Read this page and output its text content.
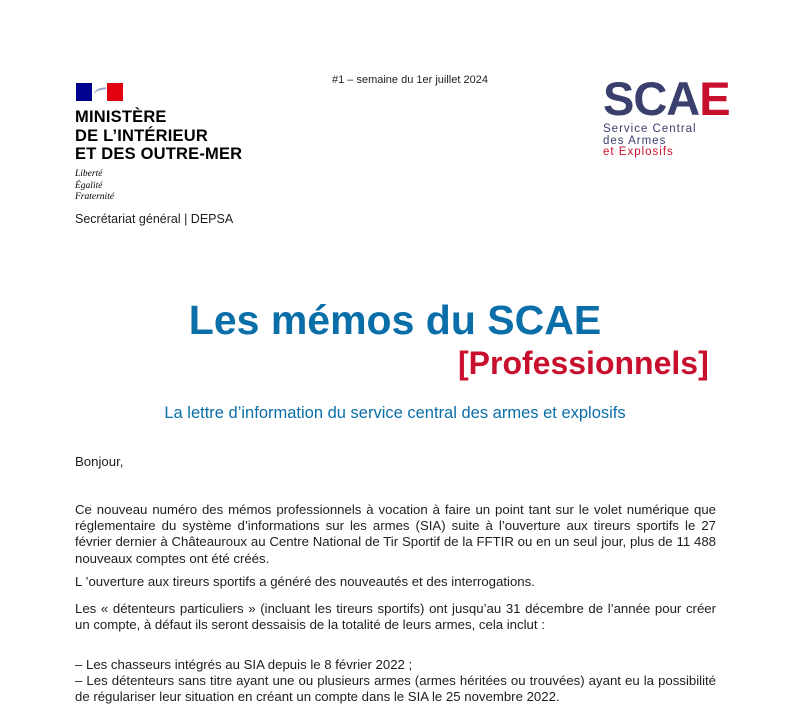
MINISTÈRE
DE L’INTÉRIEUR
ET DES OUTRE-MER
Liberté
Égalité
Fraternité
Secrétariat général | DEPSA
#1 – semaine du 1er juillet 2024 SCAE
Service Central
des Armes
et Explosifs
Les mémos du SCAE
[Professionnels]
La lettre d’information du service central des armes et explosifs
Bonjour,
Ce nouveau numéro des mémos professionnels à vocation à faire un point tant sur le volet numérique que réglementaire du système d’informations sur les armes (SIA) suite à l’ouverture aux tireurs sportifs le 27 février dernier à Châteauroux au Centre National de Tir Sportif de la FFTIR ou en un seul jour, plus de 11 488 nouveaux comptes ont été créés.
L ’ouverture aux tireurs sportifs a généré des nouveautés et des interrogations.
Les « détenteurs particuliers » (incluant les tireurs sportifs) ont jusqu’au 31 décembre de l’année pour créer un compte, à défaut ils seront dessaisis de la totalité de leurs armes, cela inclut :
– Les chasseurs intégrés au SIA depuis le 8 février 2022 ;
– Les détenteurs sans titre ayant une ou plusieurs armes (armes héritées ou trouvées) ayant eu la possibilité de régulariser leur situation en créant un compte dans le SIA le 25 novembre 2022.
